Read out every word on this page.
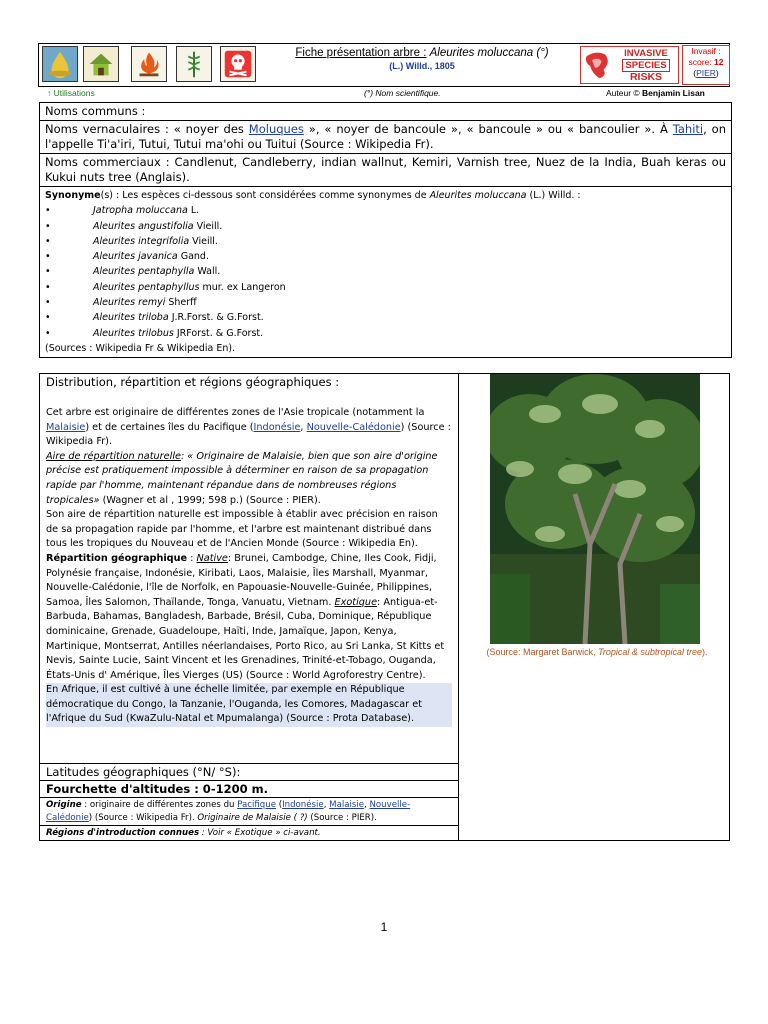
Fiche présentation arbre : Aleurites moluccana (°)
(L.) Willd., 1805
INVASIVE
SPECIES
RISKS
Invasif :
score: 12
(PIER)
↑ Utilisations	(°) Nom scientifique.	Auteur © Benjamin Lisan
Noms communs :
Noms vernaculaires : « noyer des Moluques », « noyer de bancoule », « bancoule » ou « bancoulier ». À Tahiti, on l'appelle Ti'a'iri, Tutui, Tutui ma'ohi ou Tuitui (Source : Wikipedia Fr).
Noms commerciaux : Candlenut, Candleberry, indian wallnut, Kemiri, Varnish tree, Nuez de la India, Buah keras ou Kukui nuts tree (Anglais).
Synonyme(s) : Les espèces ci-dessous sont considérées comme synonymes de Aleurites moluccana (L.) Willd. :
•	Jatropha moluccana L.
•	Aleurites angustifolia Vieill.
•	Aleurites integrifolia Vieill.
•	Aleurites javanica Gand.
•	Aleurites pentaphylla Wall.
•	Aleurites pentaphyllus mur. ex Langeron
•	Aleurites remyi Sherff
•	Aleurites triloba J.R.Forst. & G.Forst.
•	Aleurites trilobus JRForst. & G.Forst.
(Sources : Wikipedia Fr & Wikipedia En).
Distribution, répartition et régions géographiques :

Cet arbre est originaire de différentes zones de l'Asie tropicale (notamment la Malaisie) et de certaines îles du Pacifique (Indonésie, Nouvelle-Calédonie) (Source : Wikipedia Fr).

Aire de répartition naturelle: « Originaire de Malaisie, bien que son aire d'origine précise est pratiquement impossible à déterminer en raison de sa propagation rapide par l'homme, maintenant répandue dans de nombreuses régions tropicales» (Wagner et al , 1999; 598 p.) (Source : PIER).

Son aire de répartition naturelle est impossible à établir avec précision en raison de sa propagation rapide par l'homme, et l'arbre est maintenant distribué dans tous les tropiques du Nouveau et de l'Ancien Monde (Source : Wikipedia En).

Répartition géographique : Native: Brunei, Cambodge, Chine, Iles Cook, Fidji, Polynésie française, Indonésie, Kiribati, Laos, Malaisie, Îles Marshall, Myanmar, Nouvelle-Calédonie, l'île de Norfolk, en Papouasie-Nouvelle-Guinée, Philippines, Samoa, Îles Salomon, Thaïlande, Tonga, Vanuatu, Vietnam. Exotique: Antigua-et-Barbuda, Bahamas, Bangladesh, Barbade, Brésil, Cuba, Dominique, République dominicaine, Grenade, Guadeloupe, Haïti, Inde, Jamaïque, Japon, Kenya, Martinique, Montserrat, Antilles néerlandaises, Porto Rico, au Sri Lanka, St Kitts et Nevis, Sainte Lucie, Saint Vincent et les Grenadines, Trinité-et-Tobago, Ouganda, États-Unis d' Amérique, Îles Vierges (US) (Source : World Agroforestry Centre).

En Afrique, il est cultivé à une échelle limitée, par exemple en République démocratique du Congo, la Tanzanie, l'Ouganda, les Comores, Madagascar et l'Afrique du Sud (KwaZulu-Natal et Mpumalanga) (Source : Prota Database).

Latitudes géographiques (°N/ °S):
Fourchette d'altitudes : 0-1200 m.
Origine : originaire de différentes zones du Pacifique (Indonésie, Malaisie, Nouvelle-Calédonie) (Source : Wikipedia Fr). Originaire de Malaisie ( ?) (Source : PIER).
Régions d'introduction connues : Voir « Exotique » ci-avant.
(Source: Margaret Barwick, Tropical & subtropical tree).
1
